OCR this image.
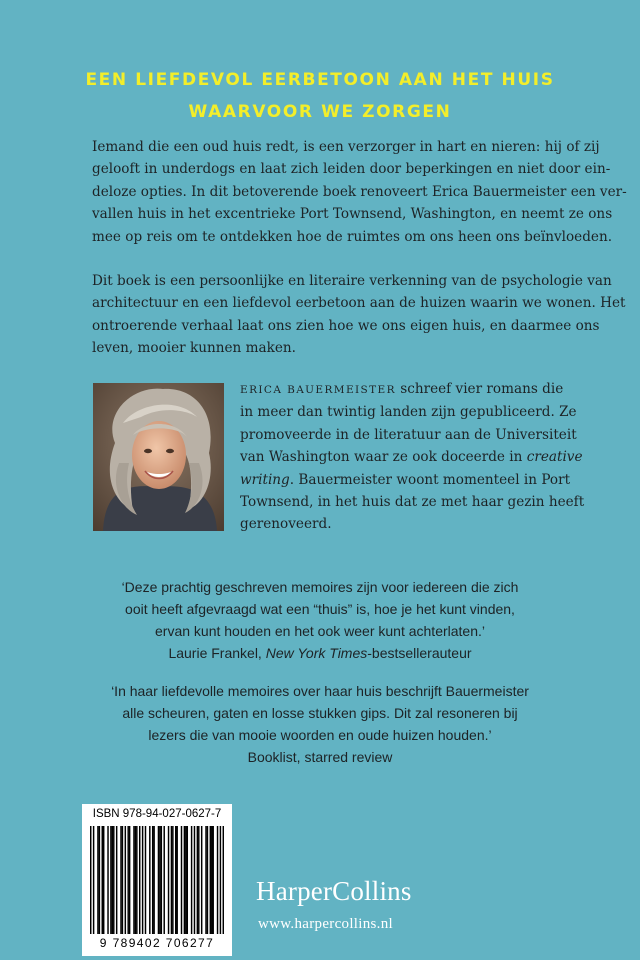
EEN LIEFDEVOL EERBETOON AAN HET HUIS
WAARVOOR WE ZORGEN

Iemand die een oud huis redt, is een verzorger in hart en nieren: hij of zij
gelooft in underdogs en laat zich leiden door beperkingen en niet door ein-
deloze opties. In dit betoverende boek renoveert Erica Bauermeister een ver-
vallen huis in het excentrieke Port Townsend, Washington, en neemt ze ons
mee op reis om te ontdekken hoe de ruimtes om ons heen ons beïnvloeden.

Dit boek is een persoonlijke en literaire verkenning van de psychologie van
architectuur en een liefdevol eerbetoon aan de huizen waarin we wonen. Het
ontroerende verhaal laat ons zien hoe we ons eigen huis, en daarmee ons
leven, mooier kunnen maken.

ERICA BAUERMEISTER schreef vier romans die
in meer dan twintig landen zijn gepubliceerd. Ze
promoveerde in de literatuur aan de Universiteit
van Washington waar ze ook doceerde in creative
writing. Bauermeister woont momenteel in Port
Townsend, in het huis dat ze met haar gezin heeft
gerenoveerd.

‘Deze prachtig geschreven memoires zijn voor iedereen die zich
ooit heeft afgevraagd wat een “thuis” is, hoe je het kunt vinden,
ervan kunt houden en het ook weer kunt achterlaten.’
Laurie Frankel, New York Times-bestsellerauteur
‘In haar liefdevolle memoires over haar huis beschrijft Bauermeister
alle scheuren, gaten en losse stukken gips. Dit zal resoneren bij
lezers die van mooie woorden en oude huizen houden.’
Booklist, starred review
ISBN 978-94-027-0627-7
9 789402 706277
HarperCollins
www.harpercollins.nl
